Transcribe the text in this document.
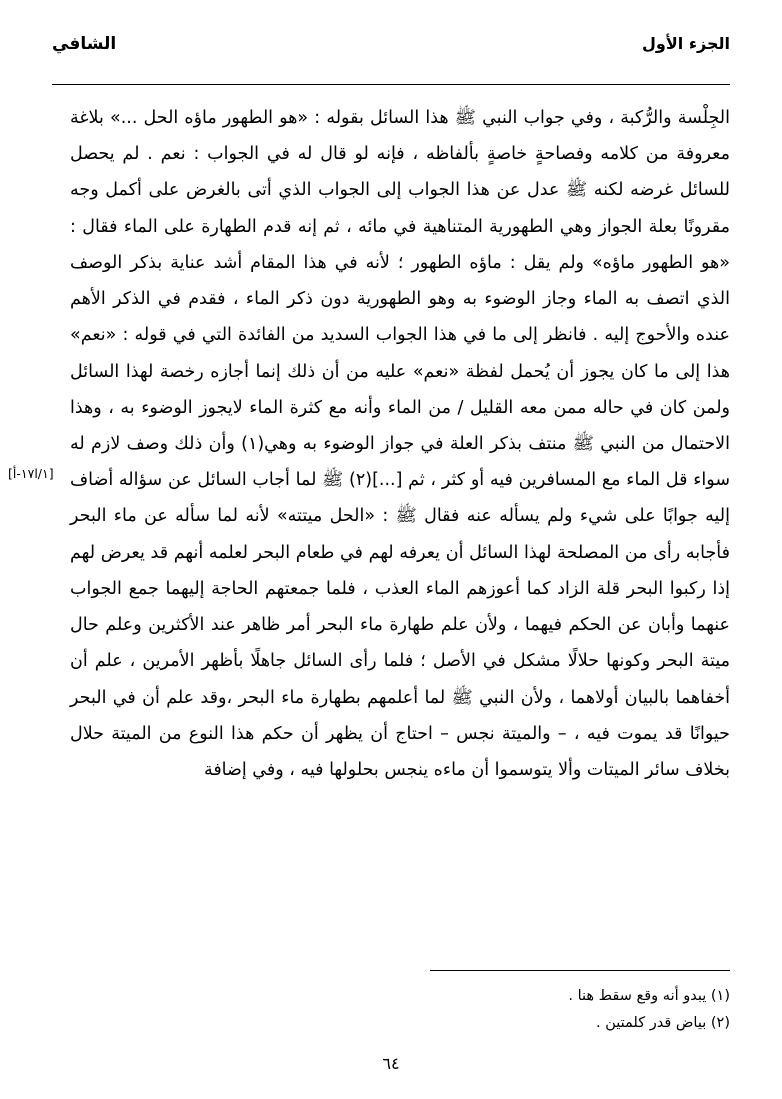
الشافي	الجزء الأول
[١/ا١٧-أ]

الجِلْسة والرُّكبة ، وفي جواب النبي ﷺ هذا السائل بقوله : «هو الطهور ماؤه الحل ...» بلاغة معروفة من كلامه وفصاحةٍ خاصةٍ بألفاظه ، فإنه لو قال له في الجواب : نعم . لم يحصل للسائل غرضه لكنه ﷺ عدل عن هذا الجواب إلى الجواب الذي أتى بالغرض على أكمل وجه مقرونًا بعلة الجواز وهي الطهورية المتناهية في مائه ، ثم إنه قدم الطهارة على الماء فقال : «هو الطهور ماؤه» ولم يقل : ماؤه الطهور ؛ لأنه في هذا المقام أشد عناية بذكر الوصف الذي اتصف به الماء وجاز الوضوء به وهو الطهورية دون ذكر الماء ، فقدم في الذكر الأهم عنده والأحوج إليه . فانظر إلى ما في هذا الجواب السديد من الفائدة التي في قوله : «نعم» هذا إلى ما كان يجوز أن يُحمل لفظة «نعم» عليه من أن ذلك إنما أجازه رخصة لهذا السائل ولمن كان في حاله ممن معه القليل / من الماء وأنه مع كثرة الماء لايجوز الوضوء به ، وهذا الاحتمال من النبي ﷺ منتف بذكر العلة في جواز الوضوء به وهي(١) وأن ذلك وصف لازم له سواء قل الماء مع المسافرين فيه أو كثر ، ثم [...](٢) ﷺ لما أجاب السائل عن سؤاله أضاف إليه جوابًا على شيء ولم يسأله عنه فقال ﷺ : «الحل ميتته» لأنه لما سأله عن ماء البحر فأجابه رأى من المصلحة لهذا السائل أن يعرفه لهم في طعام البحر لعلمه أنهم قد يعرض لهم إذا ركبوا البحر قلة الزاد كما أعوزهم الماء العذب ، فلما جمعتهم الحاجة إليهما جمع الجواب عنهما وأبان عن الحكم فيهما ، ولأن علم طهارة ماء البحر أمر ظاهر عند الأكثرين وعلم حال ميتة البحر وكونها حلالًا مشكل في الأصل ؛ فلما رأى السائل جاهلًا بأظهر الأمرين ، علم أن أخفاهما بالبيان أولاهما ، ولأن النبي ﷺ لما أعلمهم بطهارة ماء البحر ،وقد علم أن في البحر حيوانًا قد يموت فيه ، – والميتة نجس – احتاج أن يظهر أن حكم هذا النوع من الميتة حلال بخلاف سائر الميتات وألا يتوسموا أن ماءه ينجس بحلولها فيه ، وفي إضافة

(١) يبدو أنه وقع سقط هنا .
(٢) بياض قدر كلمتين .
٦٤
